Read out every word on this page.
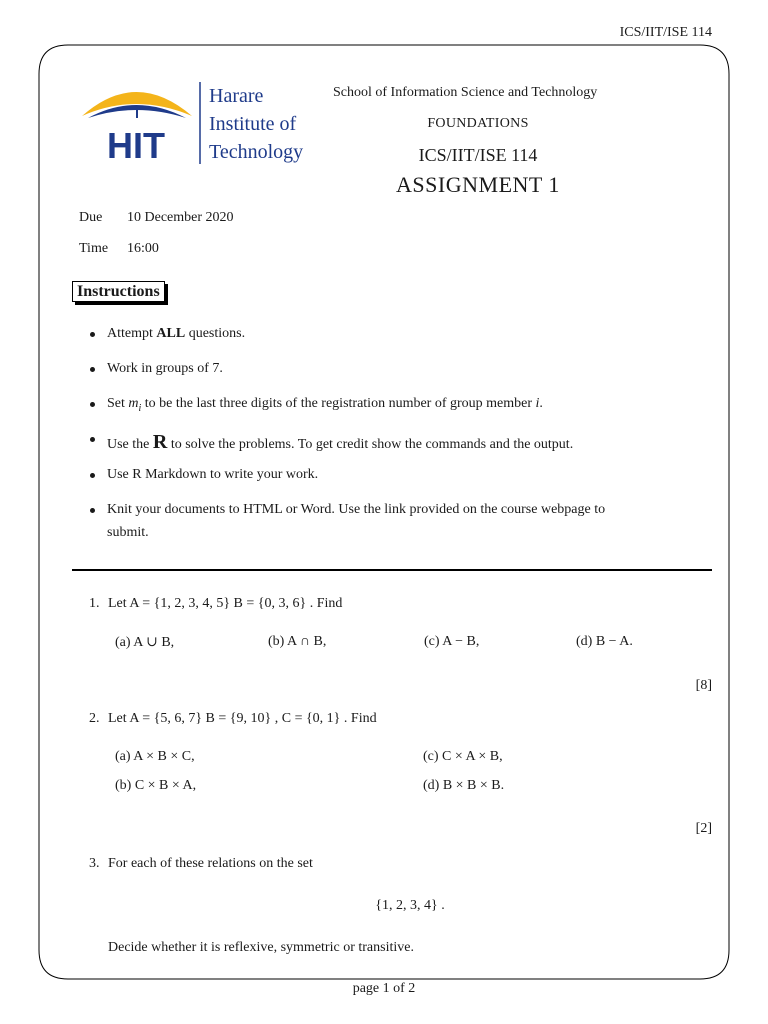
ICS/IIT/ISE 114
HIT
Harare
Institute of
Technology
School of Information Science and Technology
FOUNDATIONS
ICS/IIT/ISE 114
ASSIGNMENT 1
Due 10 December 2020
Time 16:00
Instructions
Attempt ALL questions.
Work in groups of 7.
Set $m_i$ to be the last three digits of the registration number of group member i.
Use the R to solve the problems. To get credit show the commands and the output.
Use R Markdown to write your work.
Knit your documents to HTML or Word. Use the link provided on the course webpage to
submit.
1. Let A = {1, 2, 3, 4, 5} B = {0, 3, 6} . Find
(a) A ∪ B,	(b) A ∩ B,	(c) A − B,	(d) B − A.
[8]
2. Let A = {5, 6, 7} B = {9, 10} , C = {0, 1} . Find
(a) A × B × C,	(c) C × A × B,
(b) C × B × A,	(d) B × B × B.
[2]
3. For each of these relations on the set
{1, 2, 3, 4} .
Decide whether it is reflexive, symmetric or transitive.
page 1 of 2
